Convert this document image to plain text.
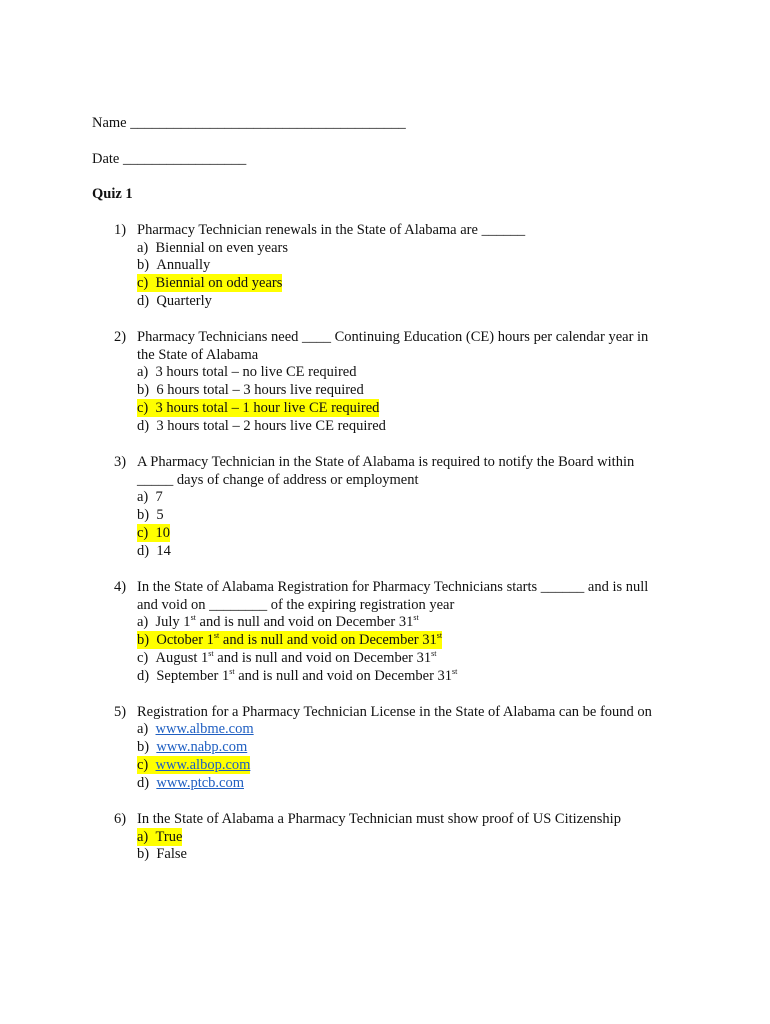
Name ______________________________________
Date _________________
Quiz 1
1) Pharmacy Technician renewals in the State of Alabama are ______
a) Biennial on even years
b) Annually
c) Biennial on odd years
d) Quarterly
2) Pharmacy Technicians need ____ Continuing Education (CE) hours per calendar year in
the State of Alabama
a) 3 hours total – no live CE required
b) 6 hours total – 3 hours live required
c) 3 hours total – 1 hour live CE required
d) 3 hours total – 2 hours live CE required
3) A Pharmacy Technician in the State of Alabama is required to notify the Board within
_____ days of change of address or employment
a) 7
b) 5
c) 10
d) 14
4) In the State of Alabama Registration for Pharmacy Technicians starts ______ and is null
and void on ________ of the expiring registration year
a) July 1st and is null and void on December 31st
b) October 1st and is null and void on December 31st
c) August 1st and is null and void on December 31st
d) September 1st and is null and void on December 31st
5) Registration for a Pharmacy Technician License in the State of Alabama can be found on
a) www.albme.com
b) www.nabp.com
c) www.albop.com
d) www.ptcb.com
6) In the State of Alabama a Pharmacy Technician must show proof of US Citizenship
a) True
b) False
